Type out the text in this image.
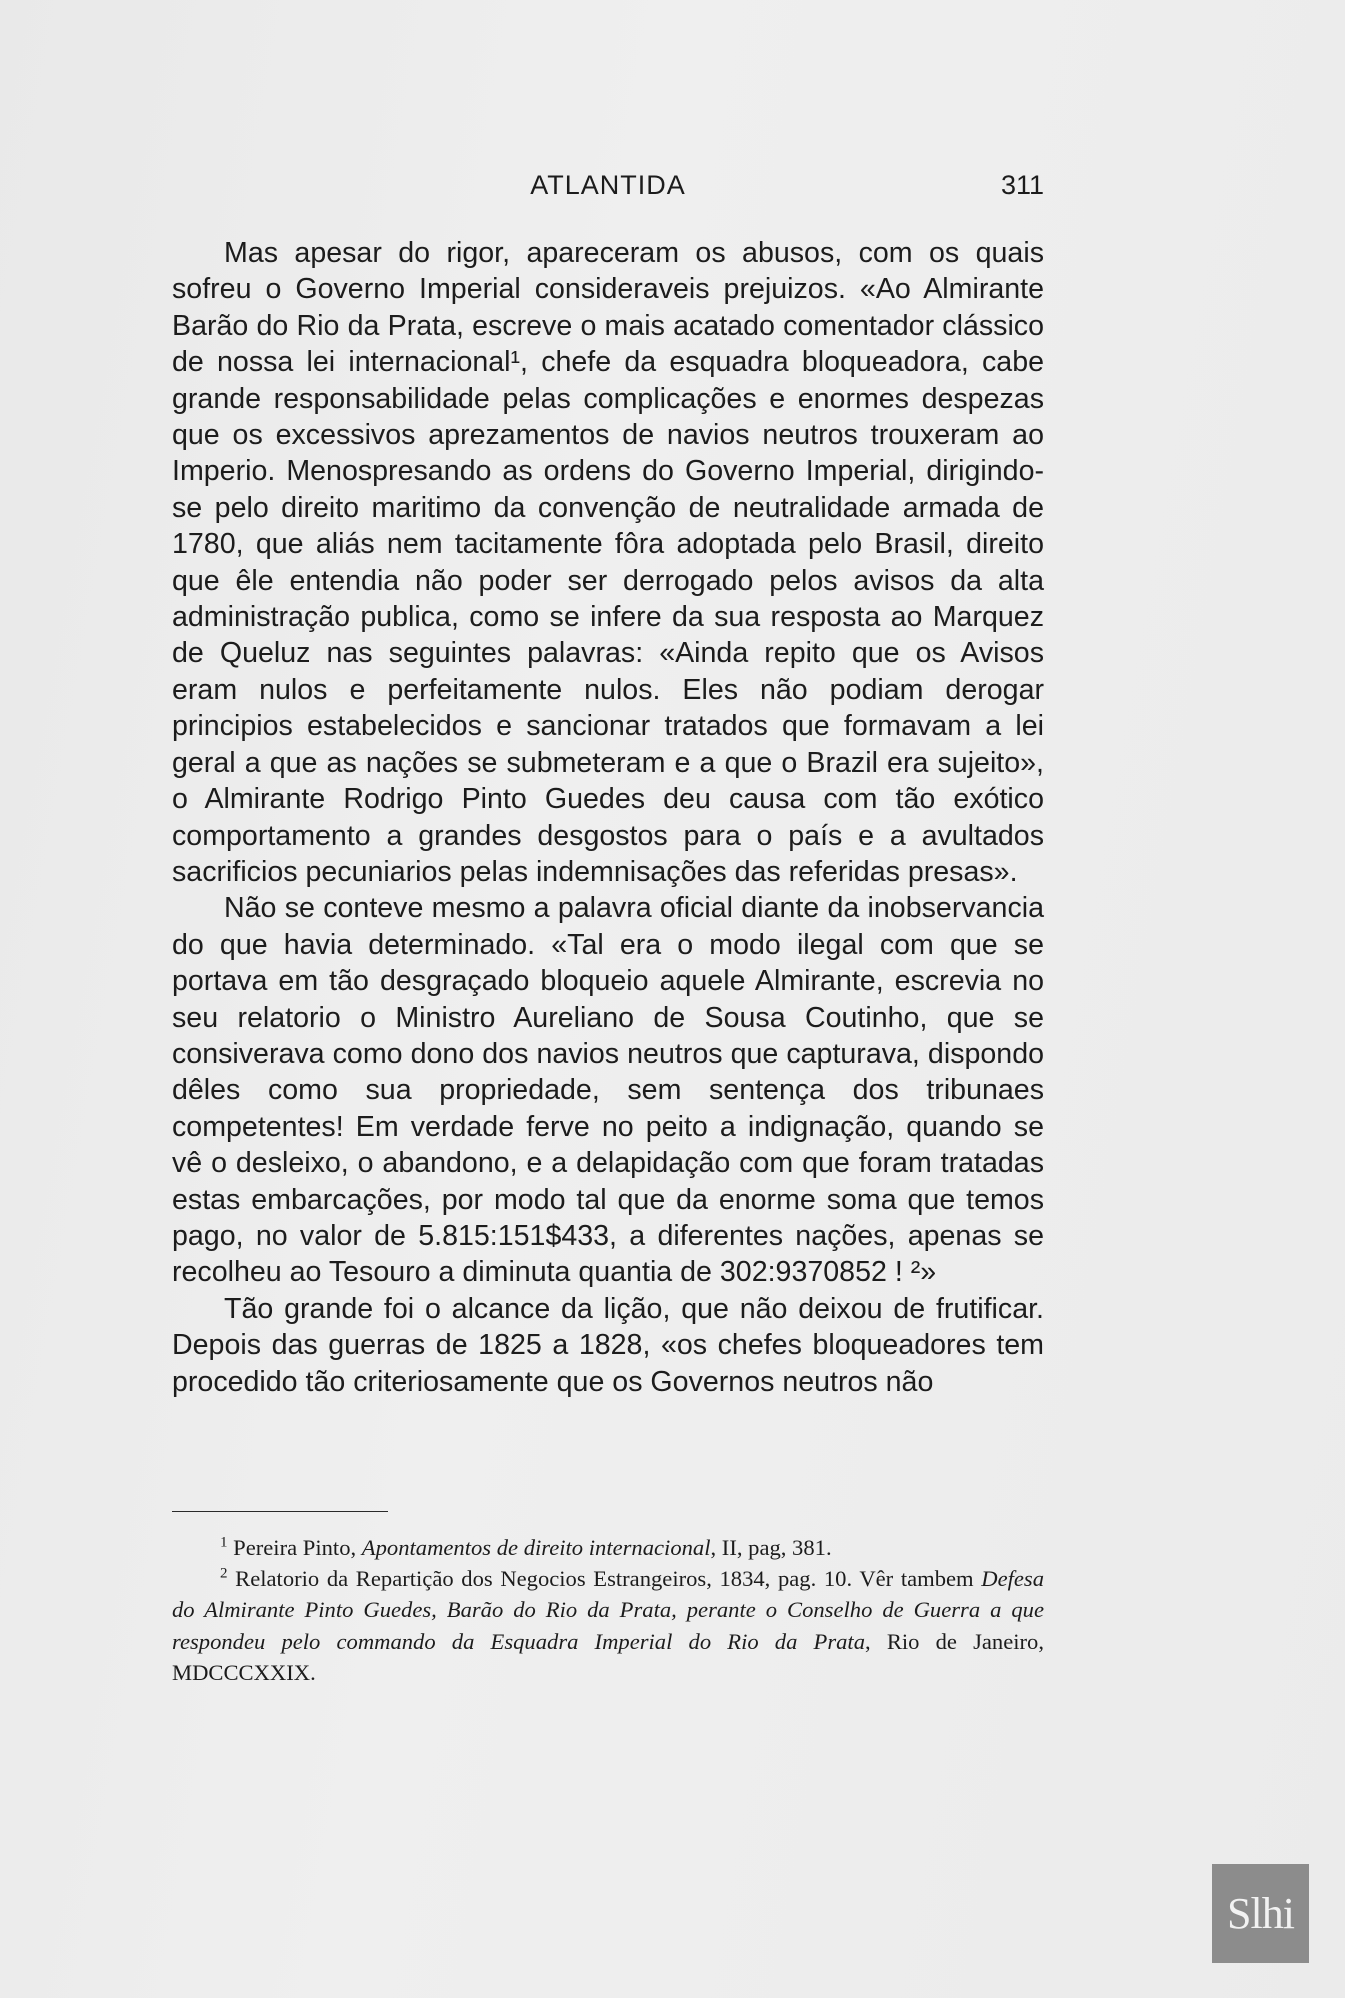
ATLANTIDA	311

Mas apesar do rigor, apareceram os abusos, com os quais sofreu o Governo Imperial consideraveis prejuizos. «Ao Almirante Barão do Rio da Prata, escreve o mais acatado comentador clássico de nossa lei internacional¹, chefe da esquadra bloqueadora, cabe grande responsabilidade pelas complicações e enormes despezas que os excessivos aprezamentos de navios neutros trouxeram ao Imperio. Menospresando as ordens do Governo Imperial, dirigindo-se pelo direito maritimo da convenção de neutralidade armada de 1780, que aliás nem tacitamente fôra adoptada pelo Brasil, direito que êle entendia não poder ser derrogado pelos avisos da alta administração publica, como se infere da sua resposta ao Marquez de Queluz nas seguintes palavras: «Ainda repito que os Avisos eram nulos e perfeitamente nulos. Eles não podiam derogar principios estabelecidos e sancionar tratados que formavam a lei geral a que as nações se submeteram e a que o Brazil era sujeito», o Almirante Rodrigo Pinto Guedes deu causa com tão exótico comportamento a grandes desgostos para o país e a avultados sacrificios pecuniarios pelas indemnisações das referidas presas».

Não se conteve mesmo a palavra oficial diante da inobservancia do que havia determinado. «Tal era o modo ilegal com que se portava em tão desgraçado bloqueio aquele Almirante, escrevia no seu relatorio o Ministro Aureliano de Sousa Coutinho, que se consiverava como dono dos navios neutros que capturava, dispondo dêles como sua propriedade, sem sentença dos tribunaes competentes! Em verdade ferve no peito a indignação, quando se vê o desleixo, o abandono, e a delapidação com que foram tratadas estas embarcações, por modo tal que da enorme soma que temos pago, no valor de 5.815:151$433, a diferentes nações, apenas se recolheu ao Tesouro a diminuta quantia de 302:9370852 ! ²»

Tão grande foi o alcance da lição, que não deixou de frutificar. Depois das guerras de 1825 a 1828, «os chefes bloqueadores tem procedido tão criteriosamente que os Governos neutros não

$^1$ Pereira Pinto, Apontamentos de direito internacional, II, pag, 381.

$^2$ Relatorio da Repartição dos Negocios Estrangeiros, 1834, pag. 10. Vêr tambem Defesa do Almirante Pinto Guedes, Barão do Rio da Prata, perante o Conselho de Guerra a que respondeu pelo commando da Esquadra Imperial do Rio da Prata, Rio de Janeiro, MDCCCXXIX.

Slhi
